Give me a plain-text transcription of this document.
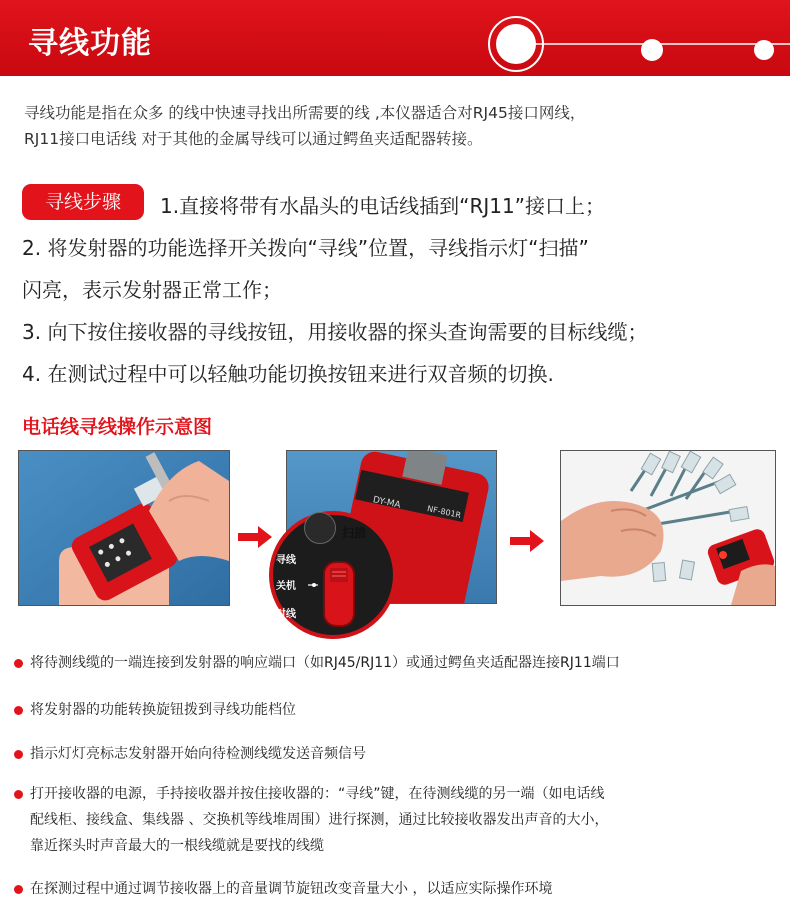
寻线功能
寻线功能是指在众多 的线中快速寻找出所需要的线 ,本仪器适合对RJ45接口网线，
RJ11接口电话线 对于其他的金属导线可以通过鳄鱼夹适配器转接。
寻线步骤	1.直接将带有水晶头的电话线插到“RJ11”接口上；
2. 将发射器的功能选择开关拨向“寻线”位置，寻线指示灯“扫描”
闪亮，表示发射器正常工作；
3. 向下按住接收器的寻线按钮，用接收器的探头查询需要的目标线缆；
4. 在测试过程中可以轻触功能切换按钮来进行双音频的切换.
电话线寻线操作示意图
DY-MA
NF-801R
寻线
关机
对线
扫描
将待测线缆的一端连接到发射器的响应端口（如RJ45/RJ11）或通过鳄鱼夹适配器连接RJ11端口
将发射器的功能转换旋钮拨到寻线功能档位
指示灯灯亮标志发射器开始向待检测线缆发送音频信号
打开接收器的电源，手持接收器并按住接收器的：“寻线”键，在待测线缆的另一端（如电话线
配线柜、接线盒、集线器 、交换机等线堆周围）进行探测，通过比较接收器发出声音的大小，
靠近探头时声音最大的一根线缆就是要找的线缆
在探测过程中通过调节接收器上的音量调节旋钮改变音量大小 ，以适应实际操作环境
